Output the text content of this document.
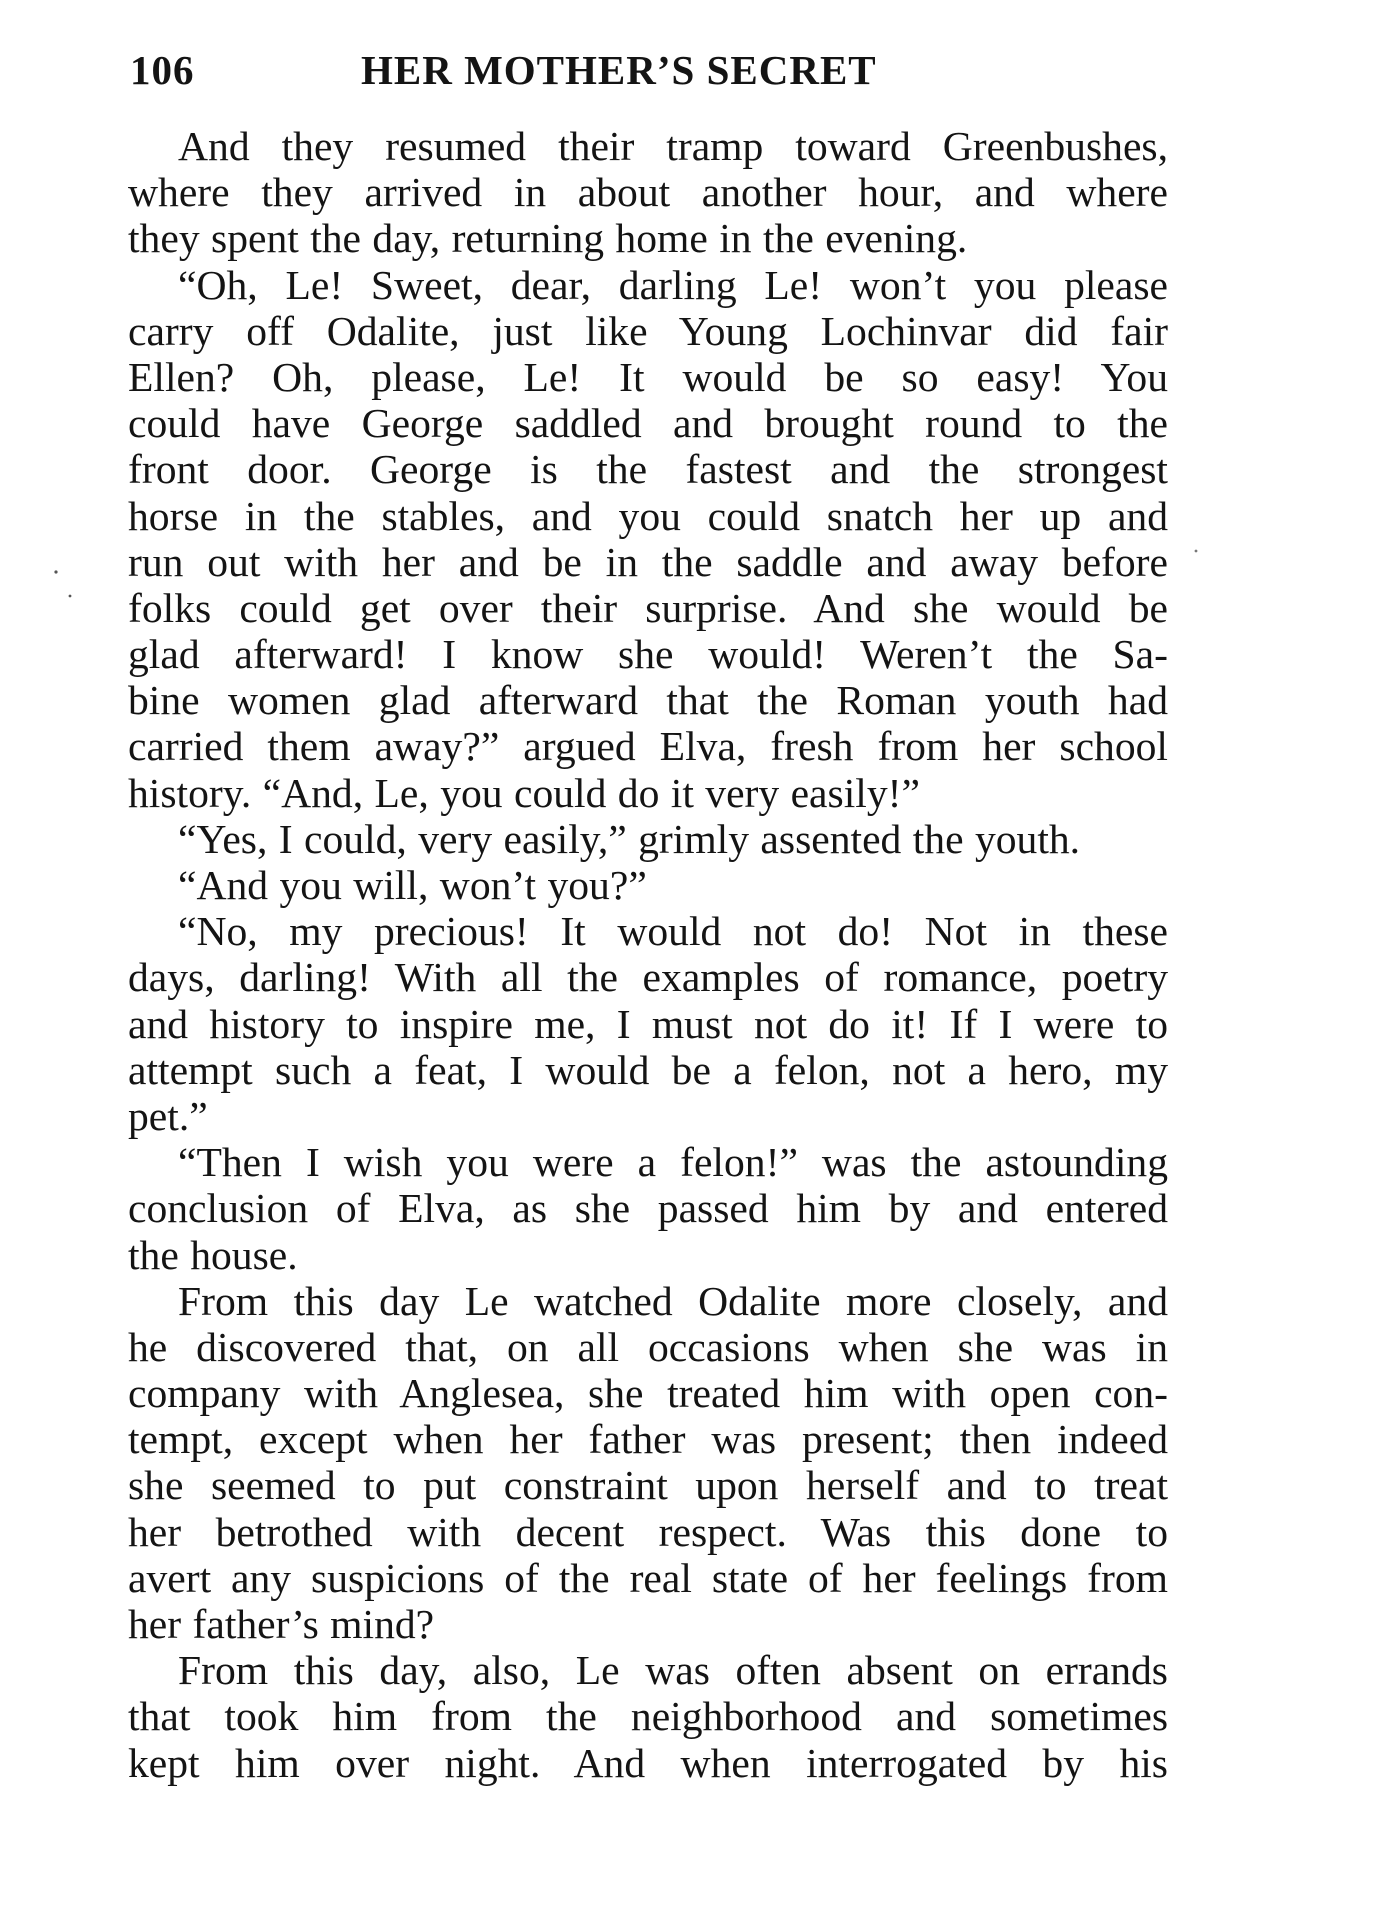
106	HER MOTHER’S SECRET
And they resumed their tramp toward Greenbushes,
where they arrived in about another hour, and where
they spent the day, returning home in the evening.
“Oh, Le! Sweet, dear, darling Le! won’t you please
carry off Odalite, just like Young Lochinvar did fair
Ellen? Oh, please, Le! It would be so easy! You
could have George saddled and brought round to the
front door. George is the fastest and the strongest
horse in the stables, and you could snatch her up and
run out with her and be in the saddle and away before
folks could get over their surprise. And she would be
glad afterward! I know she would! Weren’t the Sa-
bine women glad afterward that the Roman youth had
carried them away?” argued Elva, fresh from her school
history. “And, Le, you could do it very easily!”
“Yes, I could, very easily,” grimly assented the youth.
“And you will, won’t you?”
“No, my precious! It would not do! Not in these
days, darling! With all the examples of romance, poetry
and history to inspire me, I must not do it! If I were to
attempt such a feat, I would be a felon, not a hero, my
pet.”
“Then I wish you were a felon!” was the astounding
conclusion of Elva, as she passed him by and entered
the house.
From this day Le watched Odalite more closely, and
he discovered that, on all occasions when she was in
company with Anglesea, she treated him with open con-
tempt, except when her father was present; then indeed
she seemed to put constraint upon herself and to treat
her betrothed with decent respect. Was this done to
avert any suspicions of the real state of her feelings from
her father’s mind?
From this day, also, Le was often absent on errands
that took him from the neighborhood and sometimes
kept him over night. And when interrogated by his
